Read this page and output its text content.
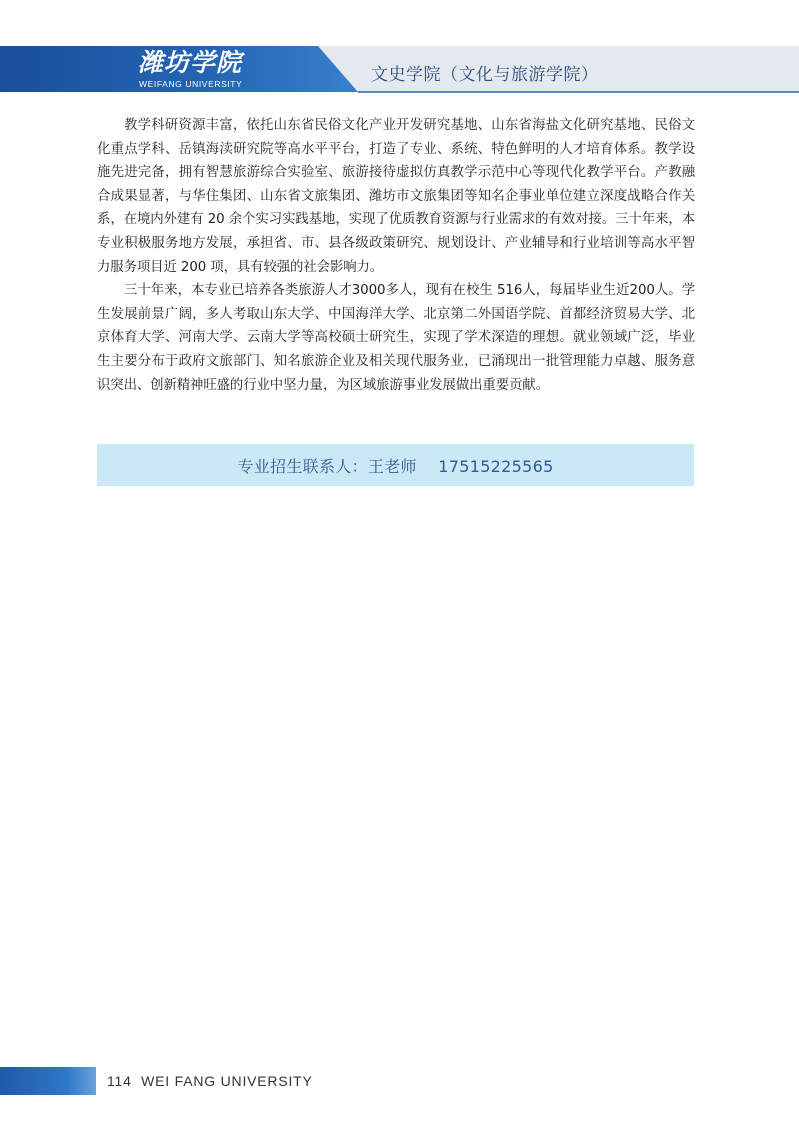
潍坊学院
WEIFANG UNIVERSITY	文史学院（文化与旅游学院）

教学科研资源丰富，依托山东省民俗文化产业开发研究基地、山东省海盐文化研究基地、民俗文化重点学科、岳镇海渎研究院等高水平平台，打造了专业、系统、特色鲜明的人才培育体系。教学设施先进完备，拥有智慧旅游综合实验室、旅游接待虚拟仿真教学示范中心等现代化教学平台。产教融合成果显著，与华住集团、山东省文旅集团、潍坊市文旅集团等知名企事业单位建立深度战略合作关系，在境内外建有 20 余个实习实践基地，实现了优质教育资源与行业需求的有效对接。三十年来，本专业积极服务地方发展，承担省、市、县各级政策研究、规划设计、产业辅导和行业培训等高水平智力服务项目近 200 项，具有较强的社会影响力。

三十年来，本专业已培养各类旅游人才3000多人，现有在校生 516人，每届毕业生近200人。学生发展前景广阔，多人考取山东大学、中国海洋大学、北京第二外国语学院、首都经济贸易大学、北京体育大学、河南大学、云南大学等高校硕士研究生，实现了学术深造的理想。就业领域广泛，毕业生主要分布于政府文旅部门、知名旅游企业及相关现代服务业，已涌现出一批管理能力卓越、服务意识突出、创新精神旺盛的行业中坚力量，为区域旅游事业发展做出重要贡献。

专业招生联系人：王老师    17515225565
114  WEI FANG UNIVERSITY
